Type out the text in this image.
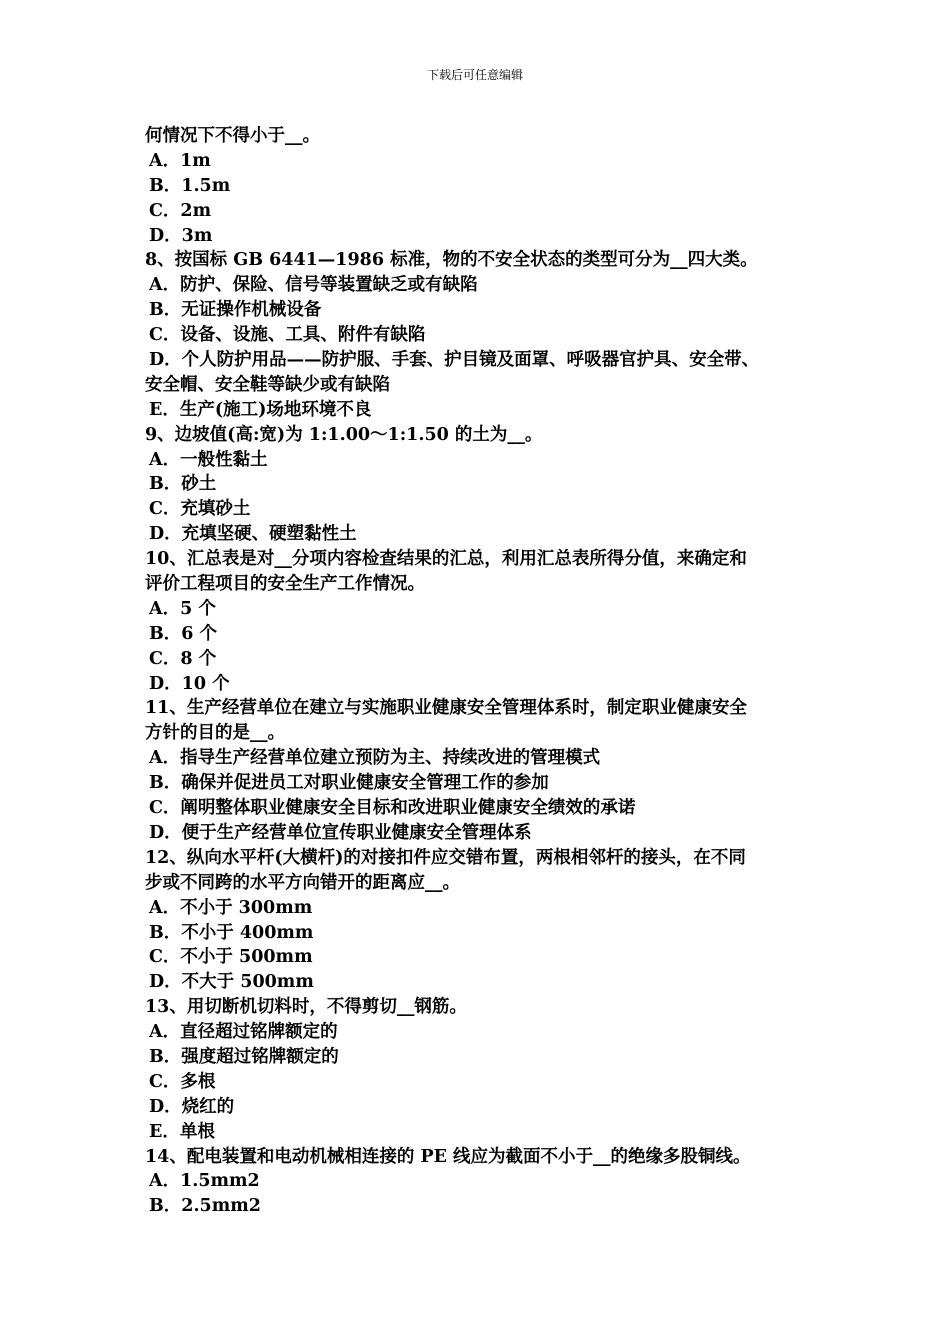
下载后可任意编辑
何情况下不得小于__。
A．1m
B．1.5m
C．2m
D．3m
8、按国标 GB 6441—1986 标准，物的不安全状态的类型可分为__四大类。
A．防护、保险、信号等装置缺乏或有缺陷
B．无证操作机械设备
C．设备、设施、工具、附件有缺陷
D．个人防护用品——防护服、手套、护目镜及面罩、呼吸器官护具、安全带、
安全帽、安全鞋等缺少或有缺陷
E．生产(施工)场地环境不良
9、边坡值(高:宽)为 1:1.00～1:1.50 的土为__。
A．一般性黏土
B．砂土
C．充填砂土
D．充填坚硬、硬塑黏性土
10、汇总表是对__分项内容检查结果的汇总，利用汇总表所得分值，来确定和
评价工程项目的安全生产工作情况。
A．5 个
B．6 个
C．8 个
D．10 个
11、生产经营单位在建立与实施职业健康安全管理体系时，制定职业健康安全
方针的目的是__。
A．指导生产经营单位建立预防为主、持续改进的管理模式
B．确保并促进员工对职业健康安全管理工作的参加
C．阐明整体职业健康安全目标和改进职业健康安全绩效的承诺
D．便于生产经营单位宣传职业健康安全管理体系
12、纵向水平杆(大横杆)的对接扣件应交错布置，两根相邻杆的接头，在不同
步或不同跨的水平方向错开的距离应__。
A．不小于 300mm
B．不小于 400mm
C．不小于 500mm
D．不大于 500mm
13、用切断机切料时，不得剪切__钢筋。
A．直径超过铭牌额定的
B．强度超过铭牌额定的
C．多根
D．烧红的
E．单根
14、配电装置和电动机械相连接的 PE 线应为截面不小于__的绝缘多股铜线。
A．1.5mm2
B．2.5mm2
